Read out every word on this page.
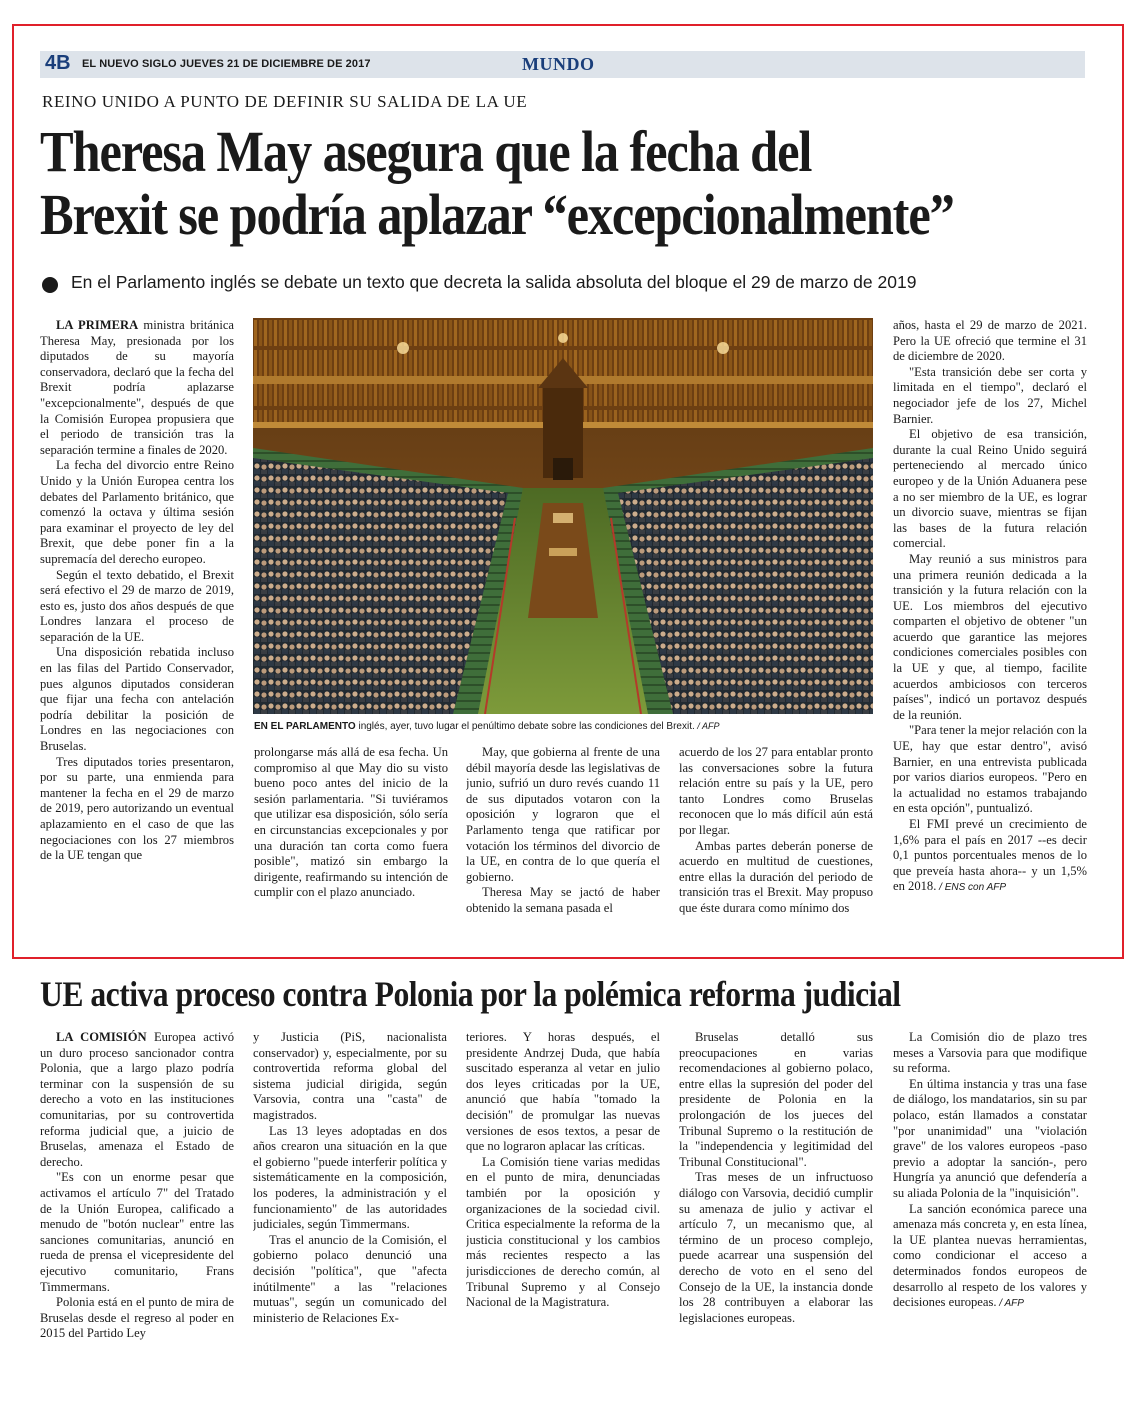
4B EL NUEVO SIGLO JUEVES 21 DE DICIEMBRE DE 2017	MUNDO
REINO UNIDO A PUNTO DE DEFINIR SU SALIDA DE LA UE
Theresa May asegura que la fecha del
Brexit se podría aplazar “excepcionalmente”
En el Parlamento inglés se debate un texto que decreta la salida absoluta del bloque el 29 de marzo de 2019

LA PRIMERA ministra británica Theresa May, presionada por los diputados de su mayoría conservadora, declaró que la fecha del Brexit podría aplazarse "excepcionalmente", después de que la Comisión Europea propusiera que el periodo de transición tras la separación termine a finales de 2020.

La fecha del divorcio entre Reino Unido y la Unión Europea centra los debates del Parlamento británico, que comenzó la octava y última sesión para examinar el proyecto de ley del Brexit, que debe poner fin a la supremacía del derecho europeo.

Según el texto debatido, el Brexit será efectivo el 29 de marzo de 2019, esto es, justo dos años después de que Londres lanzara el proceso de separación de la UE.

Una disposición rebatida incluso en las filas del Partido Conservador, pues algunos diputados consideran que fijar una fecha con antelación podría debilitar la posición de Londres en las negociaciones con Bruselas.

Tres diputados tories presentaron, por su parte, una enmienda para mantener la fecha en el 29 de marzo de 2019, pero autorizando un eventual aplazamiento en el caso de que las negociaciones con los 27 miembros de la UE tengan que

EN EL PARLAMENTO inglés, ayer, tuvo lugar el penúltimo debate sobre las condiciones del Brexit. / AFP

prolongarse más allá de esa fecha. Un compromiso al que May dio su visto bueno poco antes del inicio de la sesión parlamentaria. "Si tuviéramos que utilizar esa disposición, sólo sería en circunstancias excepcionales y por una duración tan corta como fuera posible", matizó sin embargo la dirigente, reafirmando su intención de cumplir con el plazo anunciado.

May, que gobierna al frente de una débil mayoría desde las legislativas de junio, sufrió un duro revés cuando 11 de sus diputados votaron con la oposición y lograron que el Parlamento tenga que ratificar por votación los términos del divorcio de la UE, en contra de lo que quería el gobierno.

Theresa May se jactó de haber obtenido la semana pasada el

acuerdo de los 27 para entablar pronto las conversaciones sobre la futura relación entre su país y la UE, pero tanto Londres como Bruselas reconocen que lo más difícil aún está por llegar.

Ambas partes deberán ponerse de acuerdo en multitud de cuestiones, entre ellas la duración del periodo de transición tras el Brexit. May propuso que éste durara como mínimo dos

años, hasta el 29 de marzo de 2021. Pero la UE ofreció que termine el 31 de diciembre de 2020.

"Esta transición debe ser corta y limitada en el tiempo", declaró el negociador jefe de los 27, Michel Barnier.

El objetivo de esa transición, durante la cual Reino Unido seguirá perteneciendo al mercado único europeo y de la Unión Aduanera pese a no ser miembro de la UE, es lograr un divorcio suave, mientras se fijan las bases de la futura relación comercial.

May reunió a sus ministros para una primera reunión dedicada a la transición y la futura relación con la UE. Los miembros del ejecutivo comparten el objetivo de obtener "un acuerdo que garantice las mejores condiciones comerciales posibles con la UE y que, al tiempo, facilite acuerdos ambiciosos con terceros países", indicó un portavoz después de la reunión.

"Para tener la mejor relación con la UE, hay que estar dentro", avisó Barnier, en una entrevista publicada por varios diarios europeos. "Pero en la actualidad no estamos trabajando en esta opción", puntualizó.

El FMI prevé un crecimiento de 1,6% para el país en 2017 --es decir 0,1 puntos porcentuales menos de lo que preveía hasta ahora-- y un 1,5% en 2018. / ENS con AFP

UE activa proceso contra Polonia por la polémica reforma judicial

LA COMISIÓN Europea activó un duro proceso sancionador contra Polonia, que a largo plazo podría terminar con la suspensión de su derecho a voto en las instituciones comunitarias, por su controvertida reforma judicial que, a juicio de Bruselas, amenaza el Estado de derecho.

"Es con un enorme pesar que activamos el artículo 7" del Tratado de la Unión Europea, calificado a menudo de "botón nuclear" entre las sanciones comunitarias, anunció en rueda de prensa el vicepresidente del ejecutivo comunitario, Frans Timmermans.

Polonia está en el punto de mira de Bruselas desde el regreso al poder en 2015 del Partido Ley

y Justicia (PiS, nacionalista conservador) y, especialmente, por su controvertida reforma global del sistema judicial dirigida, según Varsovia, contra una "casta" de magistrados.

Las 13 leyes adoptadas en dos años crearon una situación en la que el gobierno "puede interferir política y sistemáticamente en la composición, los poderes, la administración y el funcionamiento" de las autoridades judiciales, según Timmermans.

Tras el anuncio de la Comisión, el gobierno polaco denunció una decisión "política", que "afecta inútilmente" a las "relaciones mutuas", según un comunicado del ministerio de Relaciones Ex-

teriores. Y horas después, el presidente Andrzej Duda, que había suscitado esperanza al vetar en julio dos leyes criticadas por la UE, anunció que había "tomado la decisión" de promulgar las nuevas versiones de esos textos, a pesar de que no lograron aplacar las críticas.

La Comisión tiene varias medidas en el punto de mira, denunciadas también por la oposición y organizaciones de la sociedad civil. Critica especialmente la reforma de la justicia constitucional y los cambios más recientes respecto a las jurisdicciones de derecho común, al Tribunal Supremo y al Consejo Nacional de la Magistratura.

Bruselas detalló sus preocupaciones en varias recomendaciones al gobierno polaco, entre ellas la supresión del poder del presidente de Polonia en la prolongación de los jueces del Tribunal Supremo o la restitución de la "independencia y legitimidad del Tribunal Constitucional".

Tras meses de un infructuoso diálogo con Varsovia, decidió cumplir su amenaza de julio y activar el artículo 7, un mecanismo que, al término de un proceso complejo, puede acarrear una suspensión del derecho de voto en el seno del Consejo de la UE, la instancia donde los 28 contribuyen a elaborar las legislaciones europeas.

La Comisión dio de plazo tres meses a Varsovia para que modifique su reforma.

En última instancia y tras una fase de diálogo, los mandatarios, sin su par polaco, están llamados a constatar "por unanimidad" una "violación grave" de los valores europeos -paso previo a adoptar la sanción-, pero Hungría ya anunció que defendería a su aliada Polonia de la "inquisición".

La sanción económica parece una amenaza más concreta y, en esta línea, la UE plantea nuevas herramientas, como condicionar el acceso a determinados fondos europeos de desarrollo al respeto de los valores y decisiones europeas. / AFP
